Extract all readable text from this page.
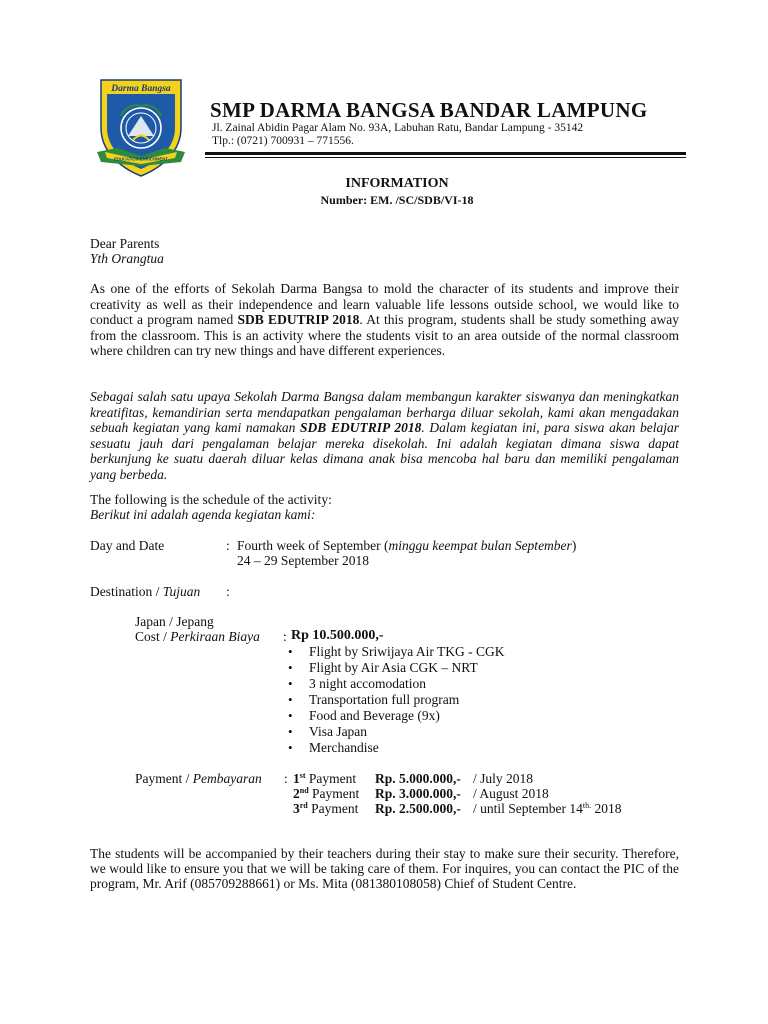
Darma Bangsa
EDUCATION ENRICHMENT
SMP DARMA BANGSA BANDAR LAMPUNG
Jl. Zainal Abidin Pagar Alam No. 93A, Labuhan Ratu, Bandar Lampung - 35142
Tlp.: (0721) 700931 – 771556.
INFORMATION
Number: EM. /SC/SDB/VI-18
Dear Parents
Yth Orangtua
As one of the efforts of Sekolah Darma Bangsa to mold the character of its students and improve their creativity as well as their independence and learn valuable life lessons outside school, we would like to conduct a program named SDB EDUTRIP 2018. At this program, students shall be study something away from the classroom. This is an activity where the students visit to an area outside of the normal classroom where children can try new things and have different experiences.
Sebagai salah satu upaya Sekolah Darma Bangsa dalam membangun karakter siswanya dan meningkatkan kreatifitas, kemandirian serta mendapatkan pengalaman berharga diluar sekolah, kami akan mengadakan sebuah kegiatan yang kami namakan SDB EDUTRIP 2018. Dalam kegiatan ini, para siswa akan belajar sesuatu jauh dari pengalaman belajar mereka disekolah. Ini adalah kegiatan dimana siswa dapat berkunjung ke suatu daerah diluar kelas dimana anak bisa mencoba hal baru dan memiliki pengalaman yang berbeda.
The following is the schedule of the activity:
Berikut ini adalah agenda kegiatan kami:
Day and Date	: Fourth week of September (minggu keempat bulan September)
24 – 29 September 2018
Destination / Tujuan :
Japan / Jepang
Cost / Perkiraan Biaya : Rp 10.500.000,-
• Flight by Sriwijaya Air TKG - CGK
• Flight by Air Asia CGK – NRT
• 3 night accomodation
• Transportation full program
• Food and Beverage (9x)
• Visa Japan
• Merchandise
Payment / Pembayaran : 1st Payment Rp. 5.000.000,- / July 2018
2nd Payment Rp. 3.000.000,- / August 2018
3rd Payment Rp. 2.500.000,- / until September $14^{th.}$ 2018
The students will be accompanied by their teachers during their stay to make sure their security. Therefore, we would like to ensure you that we will be taking care of them. For inquires, you can contact the PIC of the program, Mr. Arif (085709288661) or Ms. Mita (081380108058) Chief of Student Centre.
